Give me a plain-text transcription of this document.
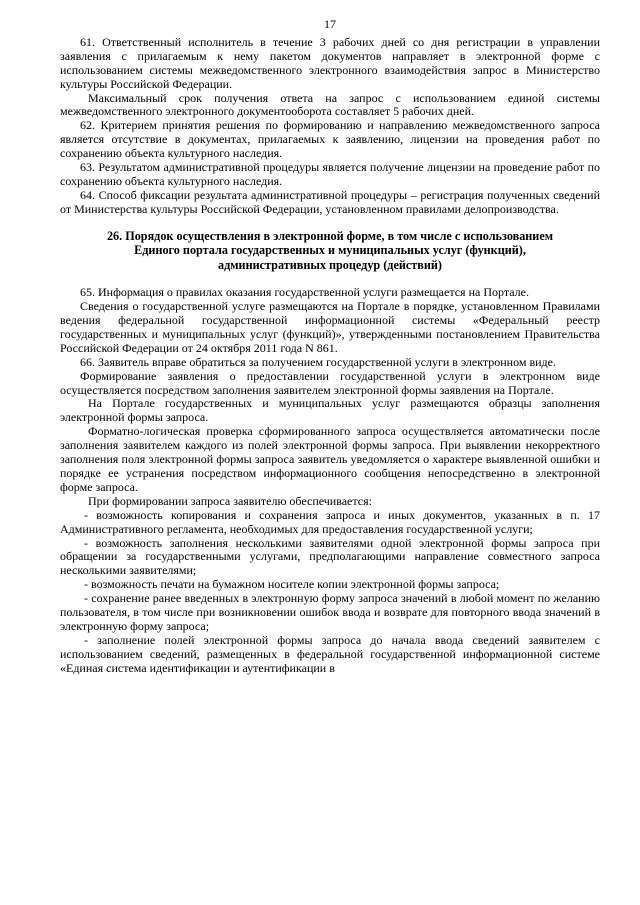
17

61. Ответственный исполнитель в течение 3 рабочих дней со дня регистрации в управлении заявления с прилагаемым к нему пакетом документов направляет в электронной форме с использованием системы межведомственного электронного взаимодействия запрос в Министерство культуры Российской Федерации.

Максимальный срок получения ответа на запрос с использованием единой системы межведомственного электронного документооборота составляет 5 рабочих дней.

62. Критерием принятия решения по формированию и направлению межведомственного запроса является отсутствие в документах, прилагаемых к заявлению, лицензии на проведения работ по сохранению объекта культурного наследия.

63. Результатом административной процедуры является получение лицензии на проведение работ по сохранению объекта культурного наследия.

64. Способ фиксации результата административной процедуры – регистрация полученных сведений от Министерства культуры Российской Федерации, установленном правилами делопроизводства.

26. Порядок осуществления в электронной форме, в том числе с использованием
Единого портала государственных и муниципальных услуг (функций),
административных процедур (действий)

65. Информация о правилах оказания государственной услуги размещается на Портале.

Сведения о государственной услуге размещаются на Портале в порядке, установленном Правилами ведения федеральной государственной информационной системы «Федеральный реестр государственных и муниципальных услуг (функций)», утвержденными постановлением Правительства Российской Федерации от 24 октября 2011 года N 861.

66. Заявитель вправе обратиться за получением государственной услуги в электронном виде.

Формирование заявления о предоставлении государственной услуги в электронном виде осуществляется посредством заполнения заявителем электронной формы заявления на Портале.

На Портале государственных и муниципальных услуг размещаются образцы заполнения электронной формы запроса.

Форматно-логическая проверка сформированного запроса осуществляется автоматически после заполнения заявителем каждого из полей электронной формы запроса. При выявлении некорректного заполнения поля электронной формы запроса заявитель уведомляется о характере выявленной ошибки и порядке ее устранения посредством информационного сообщения непосредственно в электронной форме запроса.

При формировании запроса заявителю обеспечивается:

- возможность копирования и сохранения запроса и иных документов, указанных в п. 17 Административного регламента, необходимых для предоставления государственной услуги;

- возможность заполнения несколькими заявителями одной электронной формы запроса при обращении за государственными услугами, предполагающими направление совместного запроса несколькими заявителями;

- возможность печати на бумажном носителе копии электронной формы запроса;

- сохранение ранее введенных в электронную форму запроса значений в любой момент по желанию пользователя, в том числе при возникновении ошибок ввода и возврате для повторного ввода значений в электронную форму запроса;

- заполнение полей электронной формы запроса до начала ввода сведений заявителем с использованием сведений, размещенных в федеральной государственной информационной системе «Единая система идентификации и аутентификации в
